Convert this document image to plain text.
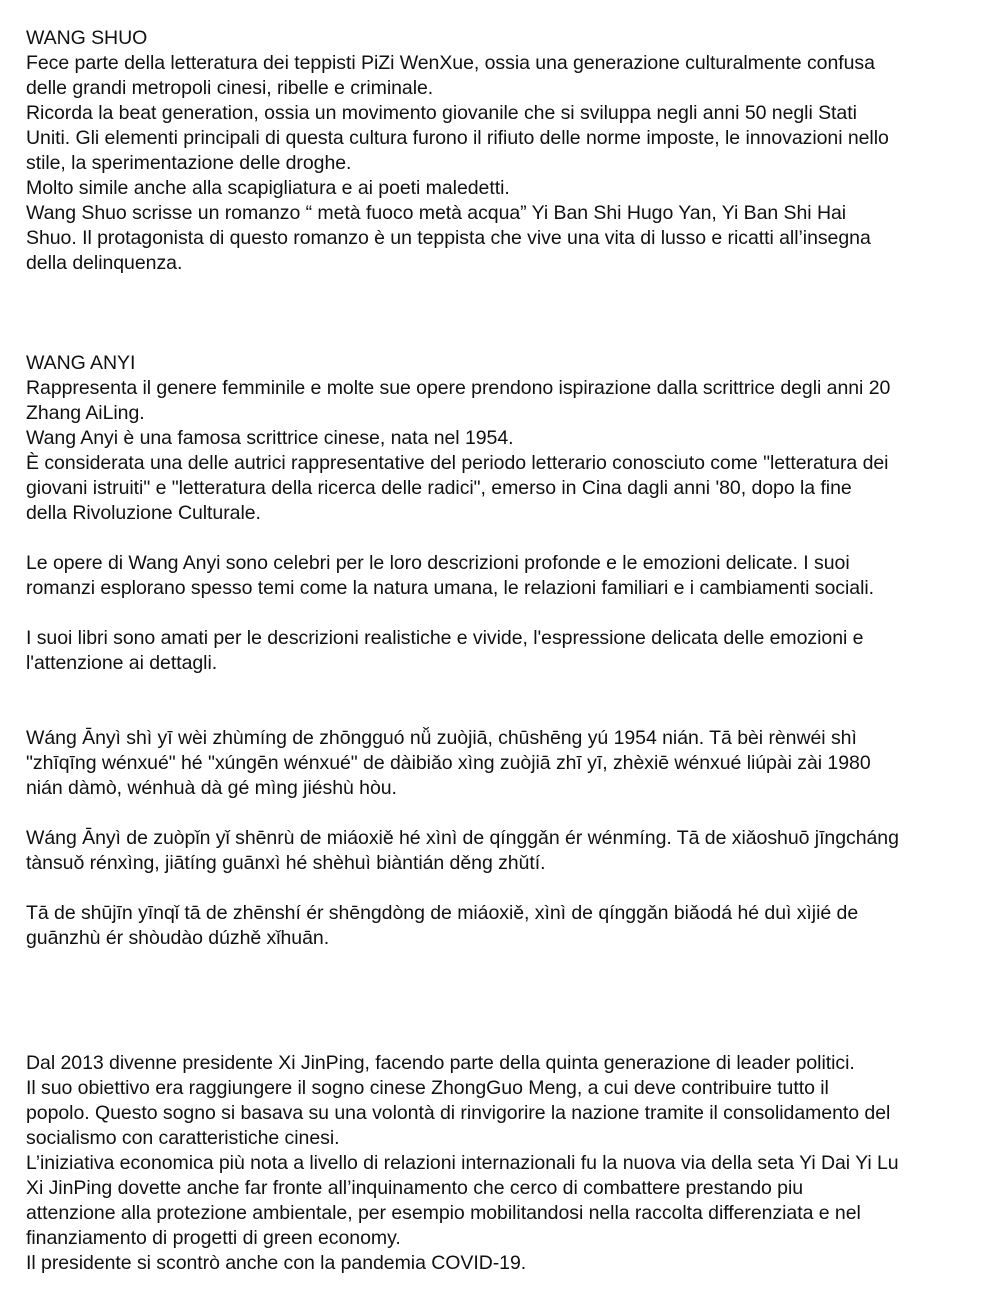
WANG SHUO
Fece parte della letteratura dei teppisti PiZi WenXue, ossia una generazione culturalmente confusa
delle grandi metropoli cinesi, ribelle e criminale.
Ricorda la beat generation, ossia un movimento giovanile che si sviluppa negli anni 50 negli Stati
Uniti. Gli elementi principali di questa cultura furono il rifiuto delle norme imposte, le innovazioni nello
stile, la sperimentazione delle droghe.
Molto simile anche alla scapigliatura e ai poeti maledetti.
Wang Shuo scrisse un romanzo “ metà fuoco metà acqua” Yi Ban Shi Hugo Yan, Yi Ban Shi Hai
Shuo. Il protagonista di questo romanzo è un teppista che vive una vita di lusso e ricatti all’insegna
della delinquenza.
WANG ANYI
Rappresenta il genere femminile e molte sue opere prendono ispirazione dalla scrittrice degli anni 20
Zhang AiLing.
Wang Anyi è una famosa scrittrice cinese, nata nel 1954.
È considerata una delle autrici rappresentative del periodo letterario conosciuto come "letteratura dei
giovani istruiti" e "letteratura della ricerca delle radici", emerso in Cina dagli anni '80, dopo la fine
della Rivoluzione Culturale.
Le opere di Wang Anyi sono celebri per le loro descrizioni profonde e le emozioni delicate. I suoi
romanzi esplorano spesso temi come la natura umana, le relazioni familiari e i cambiamenti sociali.
I suoi libri sono amati per le descrizioni realistiche e vivide, l'espressione delicata delle emozioni e
l'attenzione ai dettagli.
Wáng Ānyì shì yī wèi zhùmíng de zhōngguó nǚ zuòjiā, chūshēng yú 1954 nián. Tā bèi rènwéi shì
"zhīqīng wénxué" hé "xúngēn wénxué" de dàibiǎo xìng zuòjiā zhī yī, zhèxiē wénxué liúpài zài 1980
nián dàmò, wénhuà dà gé mìng jiéshù hòu.
Wáng Ānyì de zuòpǐn yǐ shēnrù de miáoxiě hé xìnì de qínggǎn ér wénmíng. Tā de xiǎoshuō jīngcháng
tànsuǒ rénxìng, jiātíng guānxì hé shèhuì biàntián děng zhǔtí.
Tā de shūjīn yīnqǐ tā de zhēnshí ér shēngdòng de miáoxiě, xìnì de qínggǎn biǎodá hé duì xìjié de
guānzhù ér shòudào dúzhě xǐhuān.
Dal 2013 divenne presidente Xi JinPing, facendo parte della quinta generazione di leader politici.
Il suo obiettivo era raggiungere il sogno cinese ZhongGuo Meng, a cui deve contribuire tutto il
popolo. Questo sogno si basava su una volontà di rinvigorire la nazione tramite il consolidamento del
socialismo con caratteristiche cinesi.
L’iniziativa economica più nota a livello di relazioni internazionali fu la nuova via della seta Yi Dai Yi Lu
Xi JinPing dovette anche far fronte all’inquinamento che cerco di combattere prestando piu
attenzione alla protezione ambientale, per esempio mobilitandosi nella raccolta differenziata e nel
finanziamento di progetti di green economy.
Il presidente si scontrò anche con la pandemia COVID-19.
